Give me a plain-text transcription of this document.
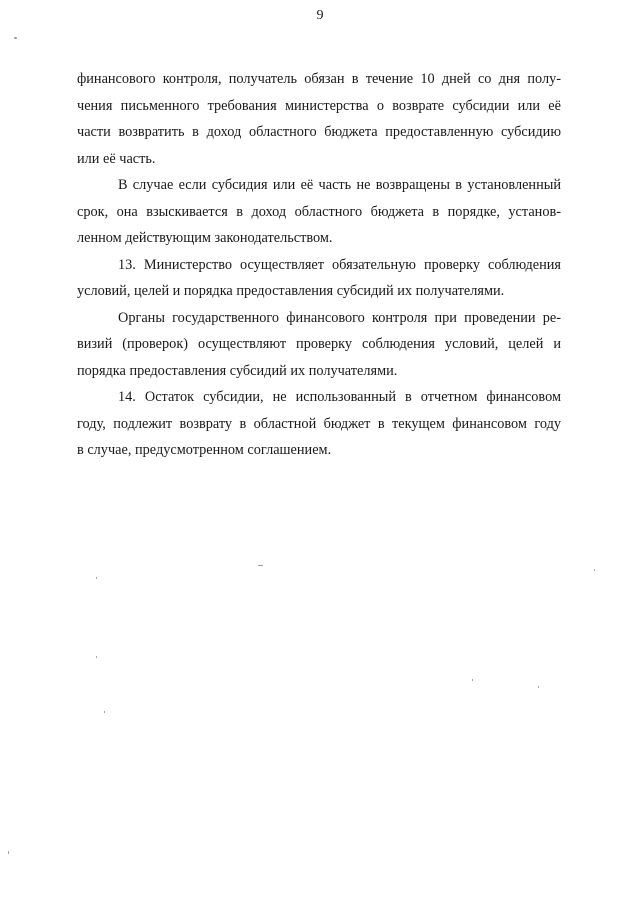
9
финансового контроля, получатель обязан в течение 10 дней со дня полу-
чения письменного требования министерства о возврате субсидии или её
части возвратить в доход областного бюджета предоставленную субсидию
или её часть.
В случае если субсидия или её часть не возвращены в установленный
срок, она взыскивается в доход областного бюджета в порядке, установ-
ленном действующим законодательством.
13. Министерство осуществляет обязательную проверку соблюдения
условий, целей и порядка предоставления субсидий их получателями.
Органы государственного финансового контроля при проведении ре-
визий (проверок) осуществляют проверку соблюдения условий, целей и
порядка предоставления субсидий их получателями.
14. Остаток субсидии, не использованный в отчетном финансовом
году, подлежит возврату в областной бюджет в текущем финансовом году
в случае, предусмотренном соглашением.
